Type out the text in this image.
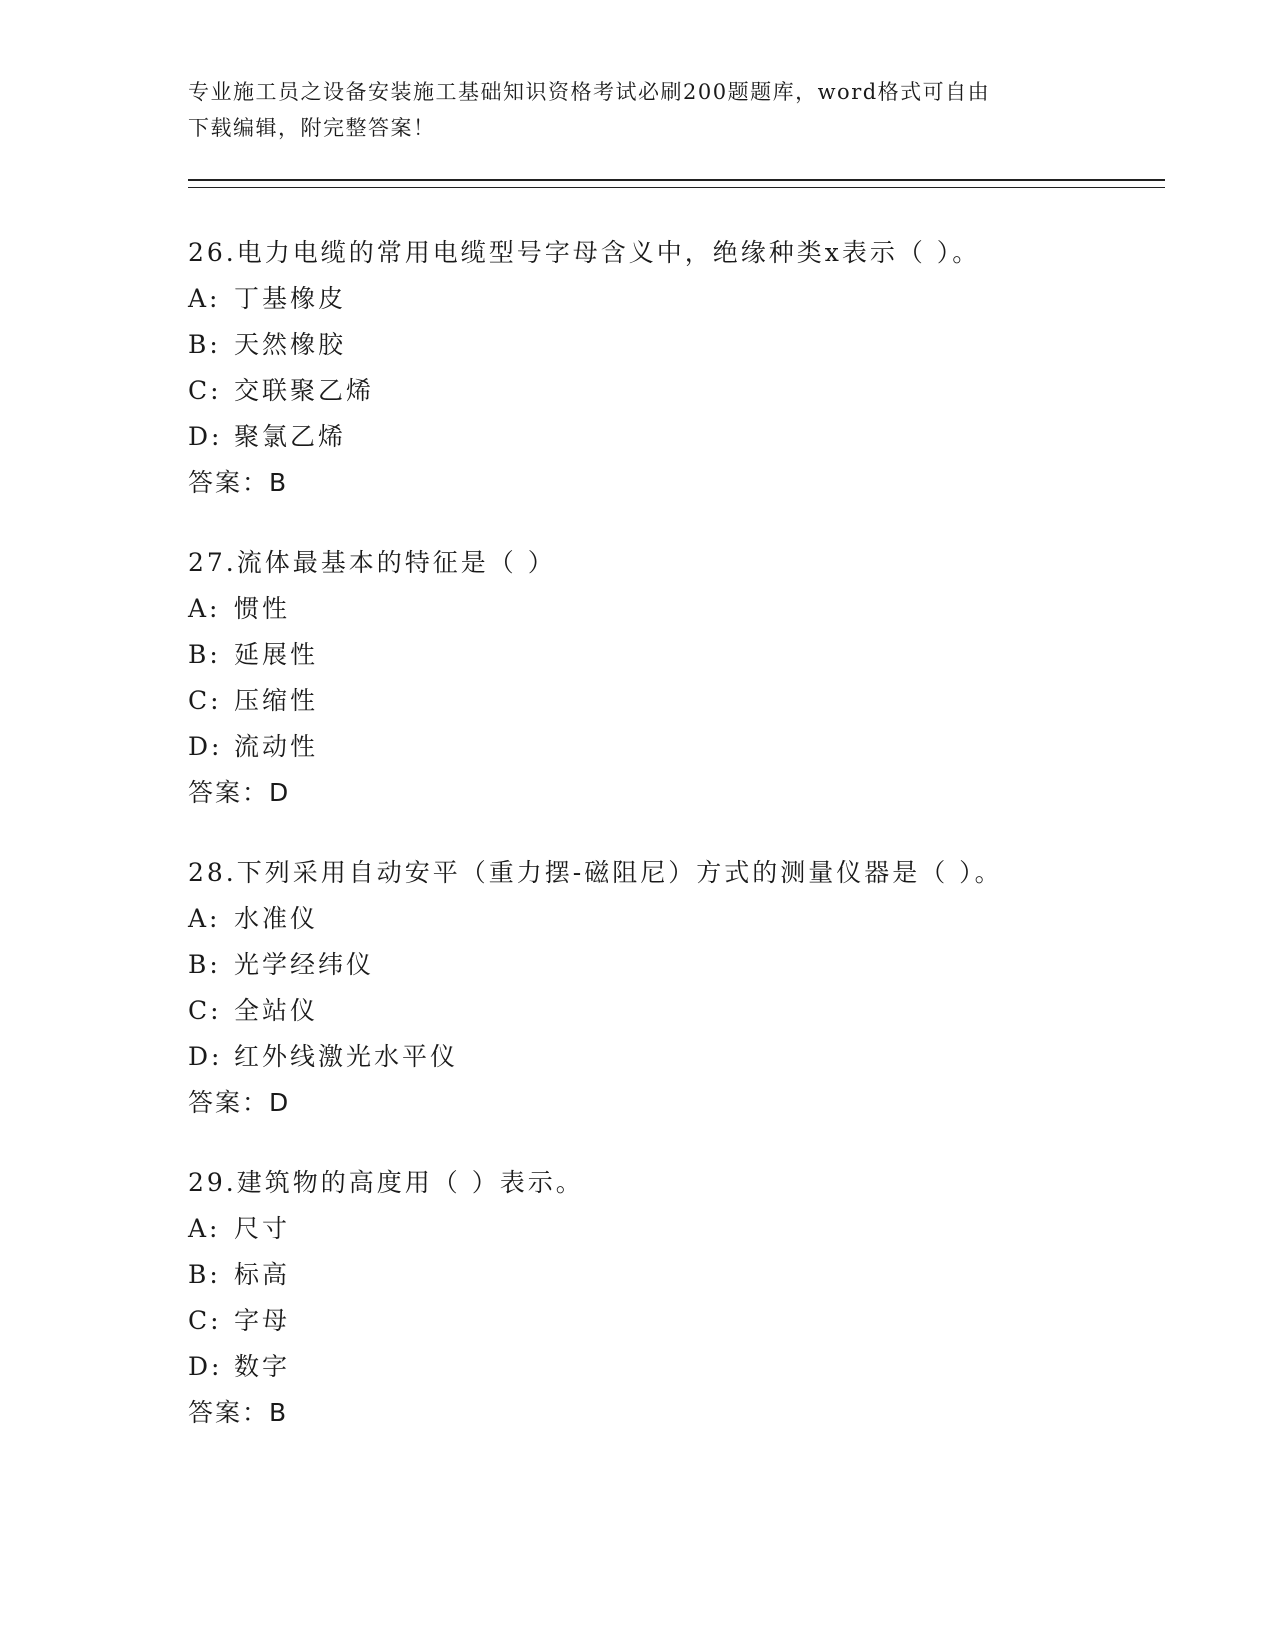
专业施工员之设备安装施工基础知识资格考试必刷200题题库，word格式可自由
下载编辑，附完整答案！

26.电力电缆的常用电缆型号字母含义中，绝缘种类x表示（ ）。
A: 丁基橡皮
B: 天然橡胶
C: 交联聚乙烯
D: 聚氯乙烯
答案：B
27.流体最基本的特征是（ ）
A: 惯性
B: 延展性
C: 压缩性
D: 流动性
答案：D
28.下列采用自动安平（重力摆-磁阻尼）方式的测量仪器是（ ）。
A: 水准仪
B: 光学经纬仪
C: 全站仪
D: 红外线激光水平仪
答案：D
29.建筑物的高度用（ ）表示。
A: 尺寸
B: 标高
C: 字母
D: 数字
答案：B
